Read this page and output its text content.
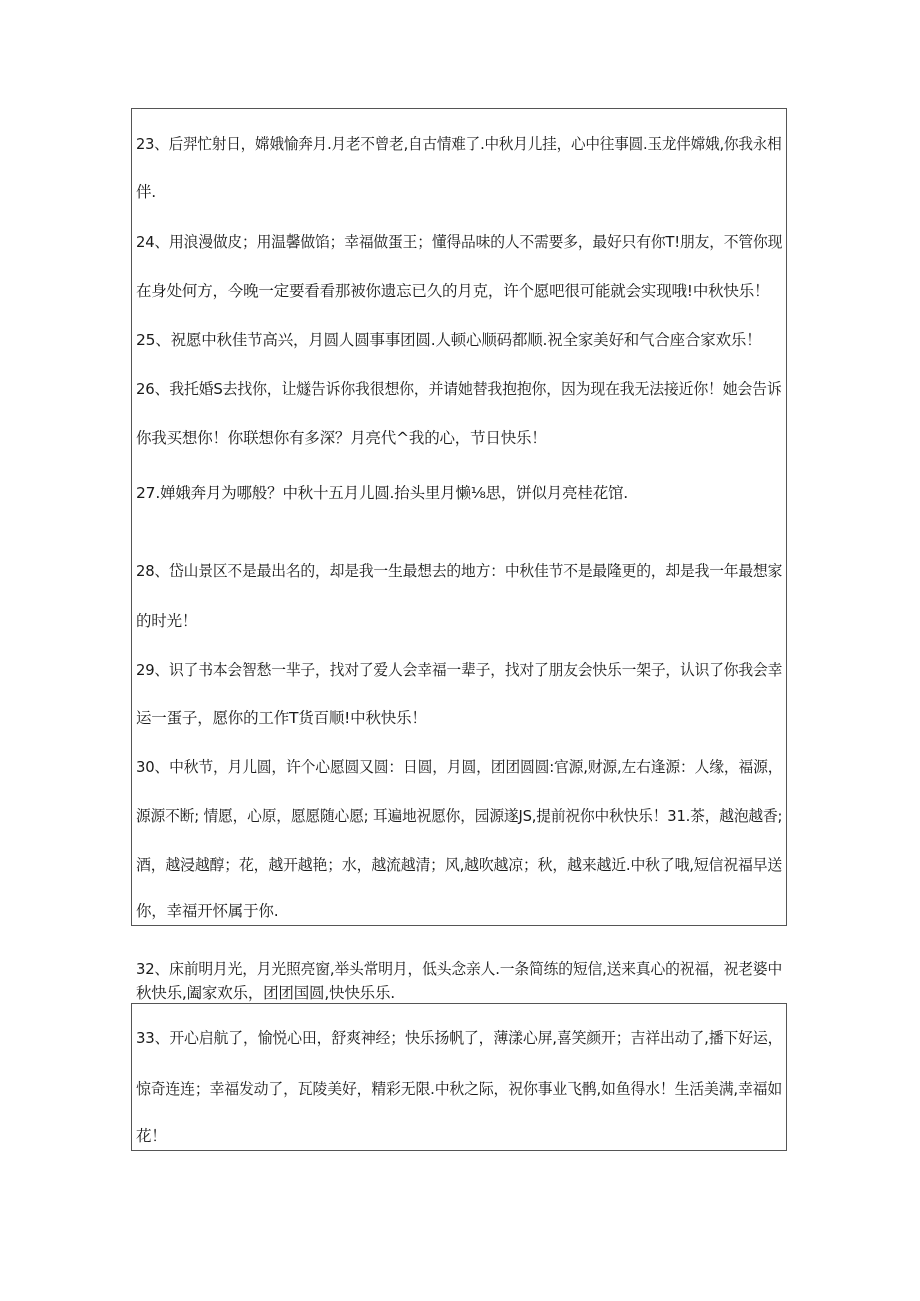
23、后羿忙射日，嫦娥愉奔月.月老不曾老,自古情难了.中秋月儿挂，心中往事圆.玉龙伴嫦娥,你我永相
伴.
24、用浪漫做皮；用温馨做馅；幸福做蛋王；懂得品味的人不需要多，最好只有你T!朋友，不管你现
在身处何方，今晚一定要看看那被你遗忘已久的月克，许个愿吧很可能就会实现哦!中秋快乐！
25、祝愿中秋佳节高兴，月圆人圆事事团圆.人顿心顺码都顺.祝全家美好和气合座合家欢乐！
26、我托婚S去找你，让燧告诉你我很想你，并请她替我抱抱你，因为现在我无法接近你！她会告诉
你我买想你！你联想你有多深？月亮代^我的心，节日快乐！
27.婵娥奔月为哪般？中秋十五月儿圆.抬头里月懒⅛思，饼似月亮桂花馆.
28、岱山景区不是最出名的，却是我一生最想去的地方：中秋佳节不是最隆更的，却是我一年最想家
的时光！
29、识了书本会智愁一芈子，找对了爱人会幸福一辈子，找对了朋友会快乐一架子，认识了你我会幸
运一蛋子，愿你的工作T货百顺!中秋快乐！
30、中秋节，月儿圆，许个心愿圆又圆：日圆，月圆，团团圆圆:官源,财源,左右逢源：人缘，福源，
源源不断; 情愿，心原，愿愿随心愿; 耳遍地祝愿你，园源遂JS,提前祝你中秋快乐！31.茶，越泡越香;
酒，越浸越醇；花，越开越艳；水，越流越清；风,越吹越凉；秋，越来越近.中秋了哦,短信祝福早送
你，幸福开怀属于你.
32、床前明月光，月光照亮窗,举头常明月，低头念亲人.一条简练的短信,送来真心的祝福，祝老婆中
秋快乐,阖家欢乐，团团国圆,快快乐乐.
33、开心启航了，愉悦心田，舒爽神经；快乐扬帆了，薄漾心屏,喜笑颜开；吉祥出动了,播下好运，
惊奇连连；幸福发动了，瓦陵美好，精彩无限.中秋之际，祝你事业飞鹘,如鱼得水！生活美满,幸福如
花！
